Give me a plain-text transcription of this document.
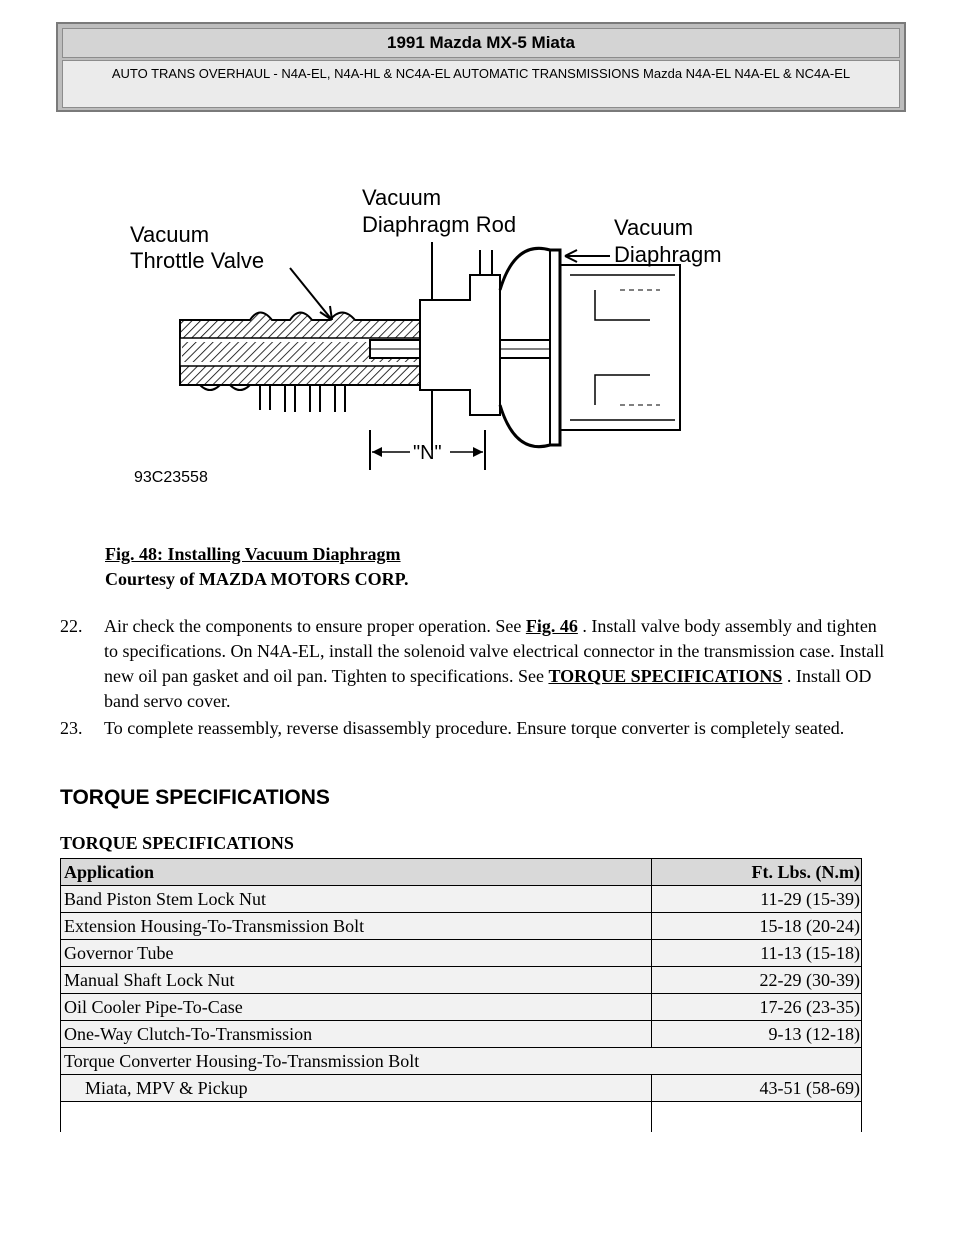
1991 Mazda MX-5 Miata
AUTO TRANS OVERHAUL - N4A-EL, N4A-HL & NC4A-EL AUTOMATIC TRANSMISSIONS Mazda N4A-EL N4A-EL & NC4A-EL
Vacuum
Throttle Valve
Vacuum
Diaphragm Rod	Vacuum
Diaphragm
93C23558
"N"
Fig. 48: Installing Vacuum Diaphragm
Courtesy of MAZDA MOTORS CORP.
22. Air check the components to ensure proper operation. See Fig. 46 . Install valve body assembly and tighten to specifications. On N4A-EL, install the solenoid valve electrical connector in the transmission case. Install new oil pan gasket and oil pan. Tighten to specifications. See TORQUE SPECIFICATIONS . Install OD band servo cover.
23. To complete reassembly, reverse disassembly procedure. Ensure torque converter is completely seated.
TORQUE SPECIFICATIONS
TORQUE SPECIFICATIONS
Application	Ft. Lbs. (N.m)
Band Piston Stem Lock Nut	11-29 (15-39)
Extension Housing-To-Transmission Bolt	15-18 (20-24)
Governor Tube	11-13 (15-18)
Manual Shaft Lock Nut	22-29 (30-39)
Oil Cooler Pipe-To-Case	17-26 (23-35)
One-Way Clutch-To-Transmission	9-13 (12-18)
Torque Converter Housing-To-Transmission Bolt	
Miata, MPV & Pickup	43-51 (58-69)
